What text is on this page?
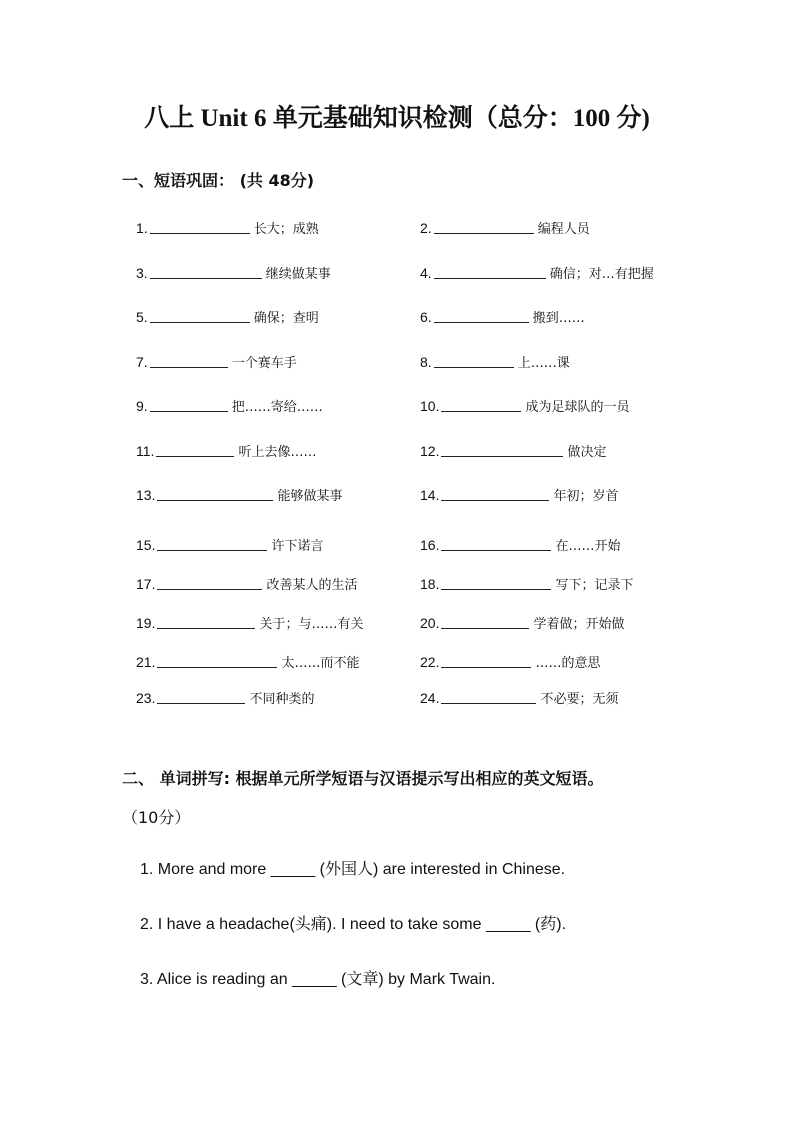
八上 Unit 6 单元基础知识检测（总分：100 分)
一、短语巩固： (共 48分)
1.	长大；成熟	2.	编程人员
3.	继续做某事	4.	确信；对…有把握
5.	确保；查明	6.	搬到……
7.	一个赛车手	8.	上……课
9.	把……寄给……	10.	成为足球队的一员
11.	听上去像……	12.	做决定
13.	能够做某事	14.	年初；岁首
15.	许下诺言	16.	在……开始
17.	改善某人的生活	18.	写下；记录下
19.	关于；与……有关	20.	学着做；开始做
21.	太……而不能	22.	……的意思
23.	不同种类的	24.	不必要；无须
二、 单词拼写: 根据单元所学短语与汉语提示写出相应的英文短语。
（10分）
1. More and more _____ (外国人) are interested in Chinese.
2. I have a headache(头痛). I need to take some _____ (药).
3. Alice is reading an _____ (文章) by Mark Twain.
